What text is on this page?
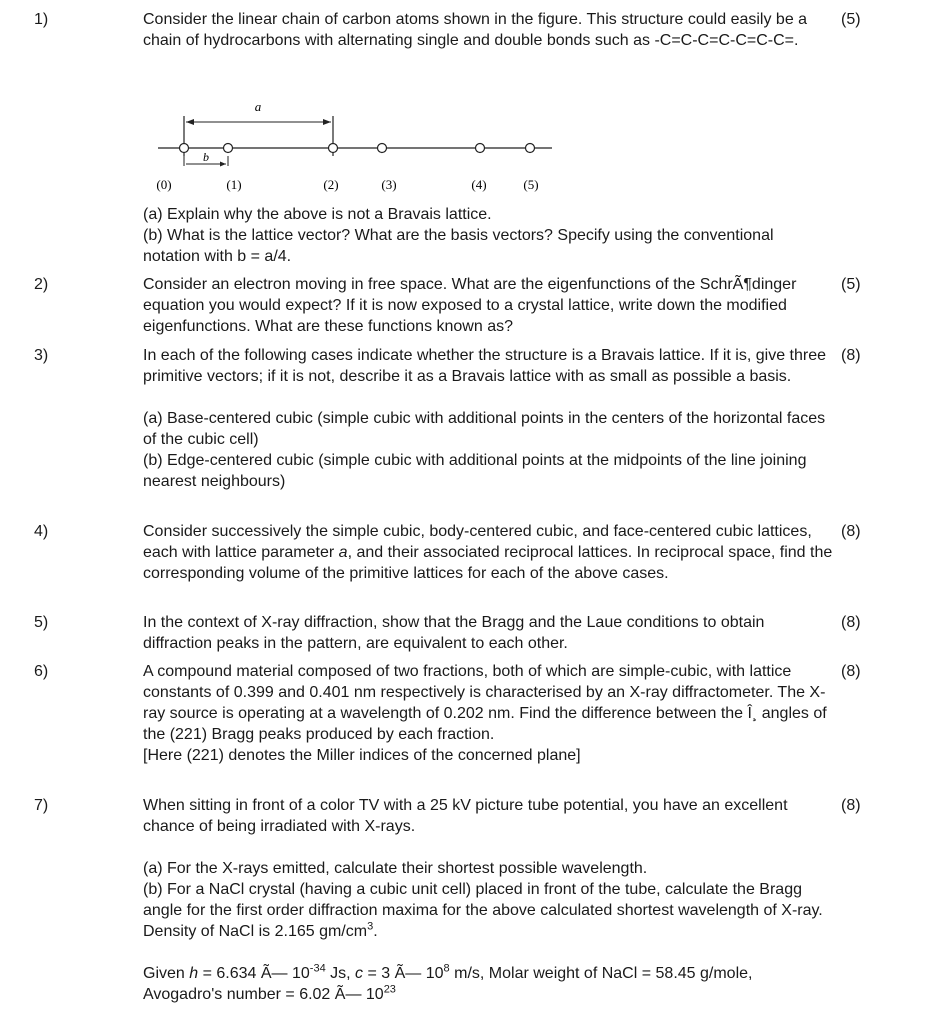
1)	Consider the linear chain of carbon atoms shown in the figure. This structure could easily be a chain of hydrocarbons with alternating single and double bonds such as -C=C-C=C-C=C-C=.

(5)
a
b
(0)	(1)	(2)	(3)	(4)	(5)

(a) Explain why the above is not a Bravais lattice.

(b) What is the lattice vector? What are the basis vectors? Specify using the conventional notation with b = a/4.

2)	Consider an electron moving in free space. What are the eigenfunctions of the SchrÃ¶dinger equation you would expect? If it is now exposed to a crystal lattice, write down the modified eigenfunctions. What are these functions known as?

(5)
3)	In each of the following cases indicate whether the structure is a Bravais lattice. If it is, give three primitive vectors; if it is not, describe it as a Bravais lattice with as small as possible a basis.

(a) Base-centered cubic (simple cubic with additional points in the centers of the horizontal faces of the cubic cell)

(b) Edge-centered cubic (simple cubic with additional points at the midpoints of the line joining nearest neighbours)

(8)
4)	Consider successively the simple cubic, body-centered cubic, and face-centered cubic lattices, each with lattice parameter a, and their associated reciprocal lattices. In reciprocal space, find the corresponding volume of the primitive lattices for each of the above cases.

(8)
5)	In the context of X-ray diffraction, show that the Bragg and the Laue conditions to obtain diffraction peaks in the pattern, are equivalent to each other.

(8)
6)	A compound material composed of two fractions, both of which are simple-cubic, with lattice constants of 0.399 and 0.401 nm respectively is characterised by an X-ray diffractometer. The X-ray source is operating at a wavelength of 0.202 nm. Find the difference between the Î¸ angles of the (221) Bragg peaks produced by each fraction.

[Here (221) denotes the Miller indices of the concerned plane]

(8)
7)	When sitting in front of a color TV with a 25 kV picture tube potential, you have an excellent chance of being irradiated with X-rays.

(a) For the X-rays emitted, calculate their shortest possible wavelength.

(b) For a NaCl crystal (having a cubic unit cell) placed in front of the tube, calculate the Bragg angle for the first order diffraction maxima for the above calculated shortest wavelength of X-ray. Density of NaCl is 2.165 $gm/cm^3$.

Given h = 6.634 Ã— $10^{-34}$ Js, c = 3 Ã— $10^8$ m/s, Molar weight of NaCl = 58.45 g/mole, Avogadro's number = 6.02 Ã— $10^{23}$

(8)
